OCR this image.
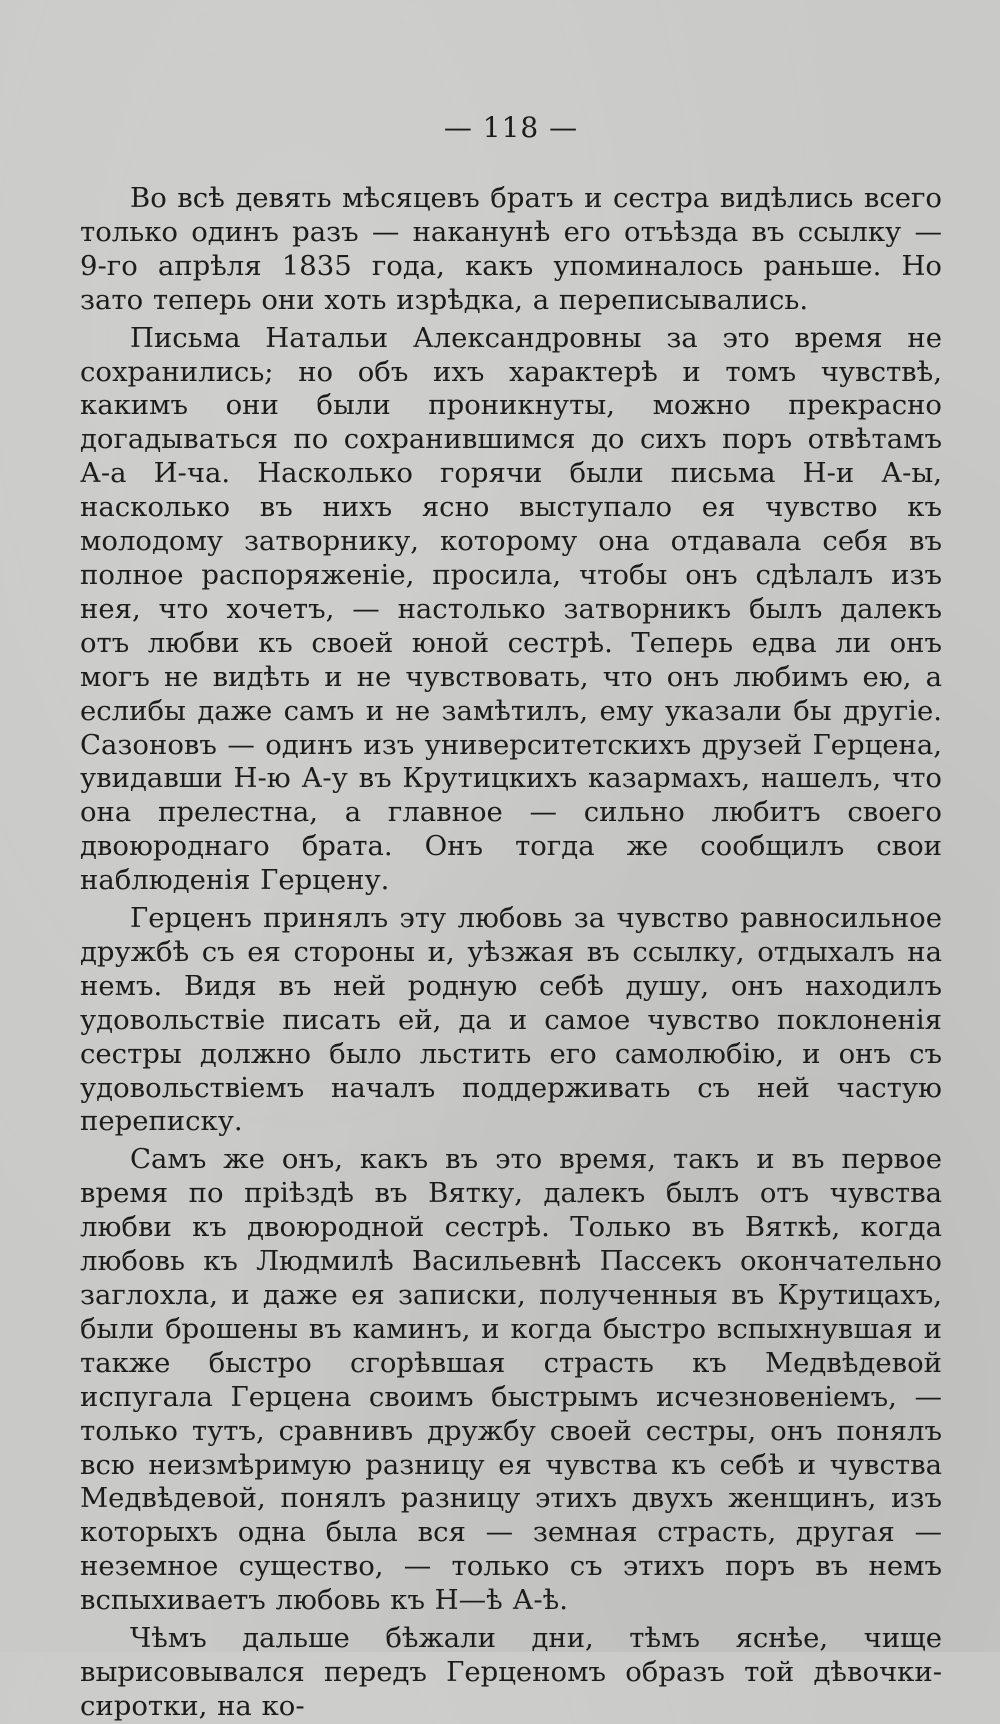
— 118 —

Во всѣ девять мѣсяцевъ братъ и сестра видѣлись всего только одинъ разъ — наканунѣ его отъѣзда въ ссылку — 9-го апрѣля 1835 года, какъ упоминалось раньше. Но зато теперь они хоть изрѣдка, а переписывались.

Письма Натальи Александровны за это время не сохранились; но объ ихъ характерѣ и томъ чувствѣ, какимъ они были проникнуты, можно прекрасно догадываться по сохранившимся до сихъ поръ отвѣтамъ А-а И-ча. Насколько горячи были письма Н-и А-ы, насколько въ нихъ ясно выступало ея чувство къ молодому затворнику, которому она отдавала себя въ полное распоряженіе, просила, чтобы онъ сдѣлалъ изъ нея, что хочетъ, — настолько затворникъ былъ далекъ отъ любви къ своей юной сестрѣ. Теперь едва ли онъ могъ не видѣть и не чувствовать, что онъ любимъ ею, а еслибы даже самъ и не замѣтилъ, ему указали бы другіе. Сазоновъ — одинъ изъ университетскихъ друзей Герцена, увидавши Н-ю А-у въ Крутицкихъ казармахъ, нашелъ, что она прелестна, а главное — сильно любитъ своего двоюроднаго брата. Онъ тогда же сообщилъ свои наблюденія Герцену.

Герценъ принялъ эту любовь за чувство равносильное дружбѣ съ ея стороны и, уѣзжая въ ссылку, отдыхалъ на немъ. Видя въ ней родную себѣ душу, онъ находилъ удовольствіе писать ей, да и самое чувство поклоненія сестры должно было льстить его самолюбію, и онъ съ удовольствіемъ началъ поддерживать съ ней частую переписку.

Самъ же онъ, какъ въ это время, такъ и въ первое время по пріѣздѣ въ Вятку, далекъ былъ отъ чувства любви къ двоюродной сестрѣ. Только въ Вяткѣ, когда любовь къ Людмилѣ Васильевнѣ Пассекъ окончательно заглохла, и даже ея записки, полученныя въ Крутицахъ, были брошены въ каминъ, и когда быстро вспыхнувшая и также быстро сгорѣвшая страсть къ Медвѣдевой испугала Герцена своимъ быстрымъ исчезновеніемъ, — только тутъ, сравнивъ дружбу своей сестры, онъ понялъ всю неизмѣримую разницу ея чувства къ себѣ и чувства Медвѣдевой, понялъ разницу этихъ двухъ женщинъ, изъ которыхъ одна была вся — земная страсть, другая — неземное существо, — только съ этихъ поръ въ немъ вспыхиваетъ любовь къ Н—ѣ А-ѣ.

Чѣмъ дальше бѣжали дни, тѣмъ яснѣе, чище вырисовывался передъ Герценомъ образъ той дѣвочки-сиротки, на ко-
